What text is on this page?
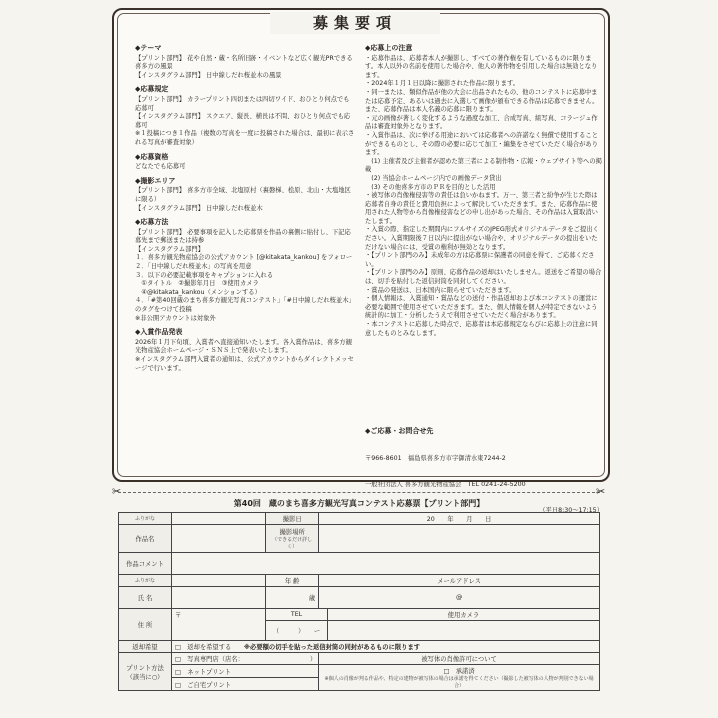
募集要項
◆テーマ
【プリント部門】 花や自然・蔵・名所旧跡・イベントなど広く観光PRできる喜多方の風景
【インスタグラム部門】 日中線しだれ桜並木の風景
◆応募規定
【プリント部門】 カラープリント四切または四切ワイド、おひとり何点でも応募可
【インスタグラム部門】 スクエア、縦長、横長は不問、おひとり何点でも応募可
※１投稿につき１作品（複数の写真を一度に投稿された場合は、最初に表示される写真が審査対象）
◆応募資格
どなたでも応募可
◆撮影エリア
【プリント部門】 喜多方市全域、北塩原村（裏磐梯、桧原、北山・大塩地区に限る）
【インスタグラム部門】 日中線しだれ桜並木
◆応募方法
【プリント部門】 必要事項を記入した応募票を作品の裏側に貼付し、下記応募先まで郵送または持参
【インスタグラム部門】
１．喜多方観光物産協会の公式アカウント [@kitakata_kankou] をフォロー
２．「日中線しだれ桜並木」の写真を用意
３．以下の必要記載事項をキャプションに入れる
　①タイトル　②撮影年月日　③使用カメラ
　④@kitakata_kankou（メンションする）
４．「#第40回蔵のまち喜多方観光写真コンテスト」「#日中線しだれ桜並木」のタグをつけて投稿
※非公開アカウントは対象外
◆入賞作品発表
2026年１月下旬頃、入賞者へ直接通知いたします。各入賞作品は、喜多方観光物産協会ホームページ・ＳＮＳ上で発表いたします。
※インスタグラム部門入賞者の通知は、公式アカウントからダイレクトメッセージで行います。
◆応募上の注意
・応募作品は、応募者本人が撮影し、すべての著作権を有しているものに限ります。本人以外の名前を使用した場合や、他人の著作物を引用した場合は無効となります。
・2024年１月１日以降に撮影された作品に限ります。
・同一または、類似作品が他の大会に出品されたもの、他のコンテストに応募中または応募予定、あるいは過去に入選して画像が頒布できる作品は応募できません。また、応募作品は本人名義の応募に限ります。
・元の画像が著しく変化するような過度な加工、合成写真、組写真、コラージュ作品は審査対象外となります。
・入賞作品は、次に挙げる用途においては応募者への許諾なく無償で使用することができるものとし、その際の必要に応じて加工・編集をさせていただく場合があります。
　(1) 主催者及び主催者が認めた第三者による制作物・広報・ウェブサイト等への掲載
　(2) 当協会ホームページ内での画像データ貸出
　(3) その他喜多方市のＰＲを目的とした活用
・被写体の肖像権侵害等の責任は負いかねます。万一、第三者と紛争が生じた際は応募者自身の責任と費用負担によって解決していただきます。また、応募作品に使用された人物等から肖像権侵害などの申し出があった場合、その作品は入賞取消いたします。
・入賞の際、指定した期間内にフルサイズのJPEG形式オリジナルデータをご提出ください。入賞期限後７日以内に提出がない場合や、オリジナルデータの提出をいただけない場合には、受賞の権利が無効となります。
・【プリント部門のみ】未成年の方は応募票に保護者の同意を得て、ご応募ください。
・【プリント部門のみ】原則、応募作品の返却はいたしません。返送をご希望の場合は、切手を貼付した返信封筒を同封してください。
・賞品の発送は、日本国内に限らせていただきます。
・個人情報は、入賞通知・賞品などの送付・作品返却および本コンテストの運営に必要な範囲で使用させていただきます。また、個人情報を個人が特定できないよう統計的に加工・分析したうえで利用させていただく場合があります。
・本コンテストに応募した時点で、応募者は本応募規定ならびに応募上の注意に同意したものとみなします。

◆ご応募・お問合せ先

〒966-8601　福島県喜多方市字御清水東7244-2

一般社団法人 喜多方観光物産協会　TEL 0241-24-5200

（平日8:30〜17:15）

✂	✂
第40回　蔵のまち喜多方観光写真コンテスト応募票【プリント部門】
ふりがな		撮影日	20　　年　　月　　日	
作品名		撮影場所
（できるだけ詳しく）		

作品コメント				
ふりがな		年 齢	メールアドレス	
氏 名		歳	@	
住 所	〒	TEL		使用カメラ
		（　　　）　　ー		
返却希望	□　返却を希望する　　 ※必要額の切手を貼った返信封筒の同封があるものに限ります			
プリント方法（該当に○）	□　写真専門店（店名：　　　　　　　　　　　）		被写体の肖像許可について	
	□　ネットプリント		□　承諾済
※個人の肖像が判る作品や、特定の建物が被写体の場合は承諾を得てください（撮影した被写体の人物が判別できない場合）	

	□　ご自宅プリント			
